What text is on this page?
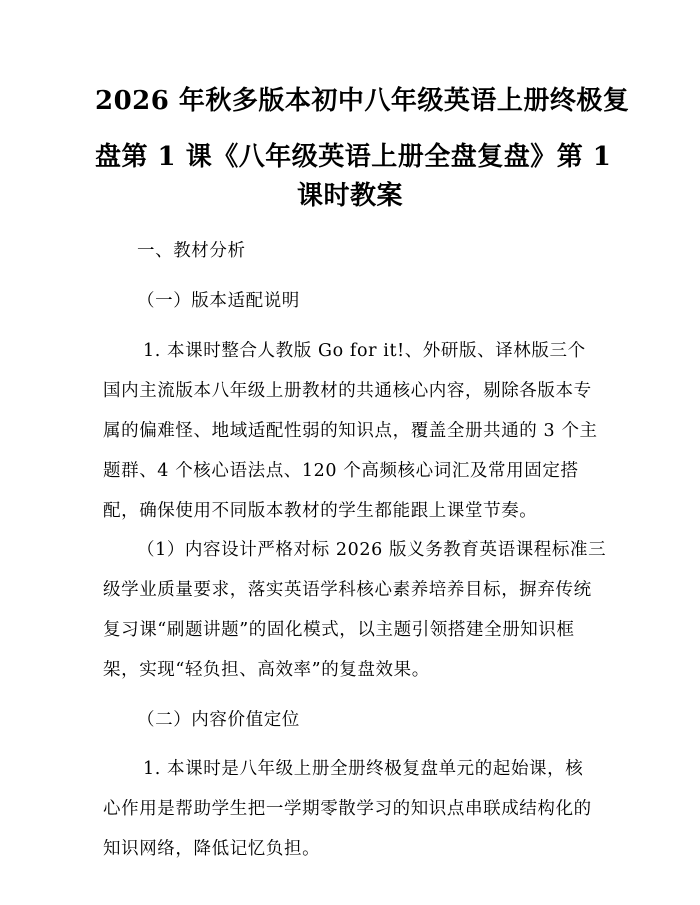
2026 年秋多版本初中八年级英语上册终极复
盘第 1 课《八年级英语上册全盘复盘》第 1
课时教案
一、教材分析
（一）版本适配说明
1. 本课时整合人教版 Go for it!、外研版、译林版三个
国内主流版本八年级上册教材的共通核心内容，剔除各版本专
属的偏难怪、地域适配性弱的知识点，覆盖全册共通的 3 个主
题群、4 个核心语法点、120 个高频核心词汇及常用固定搭
配，确保使用不同版本教材的学生都能跟上课堂节奏。
（1）内容设计严格对标 2026 版义务教育英语课程标准三
级学业质量要求，落实英语学科核心素养培养目标，摒弃传统
复习课“刷题讲题”的固化模式，以主题引领搭建全册知识框
架，实现“轻负担、高效率”的复盘效果。
（二）内容价值定位
1. 本课时是八年级上册全册终极复盘单元的起始课，核
心作用是帮助学生把一学期零散学习的知识点串联成结构化的
知识网络，降低记忆负担。
